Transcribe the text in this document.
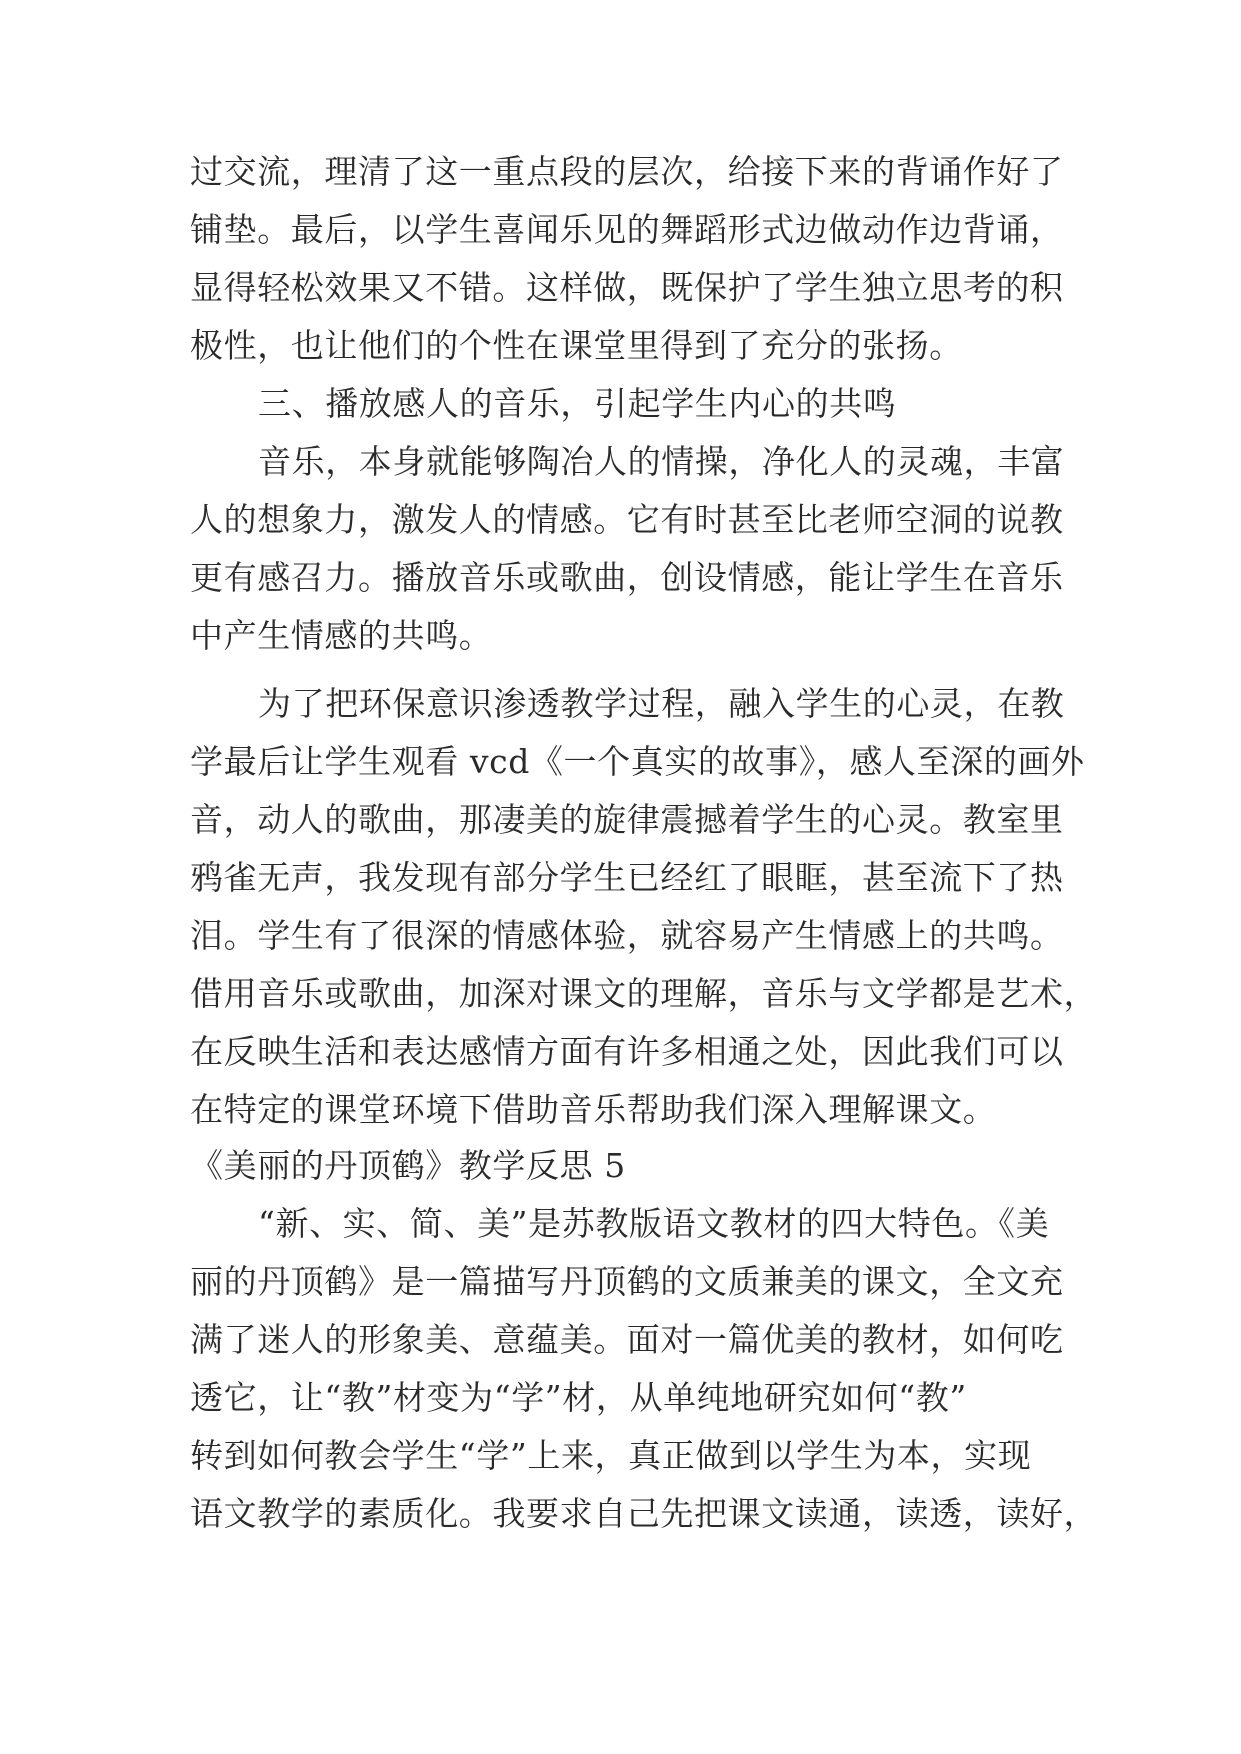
过交流，理清了这一重点段的层次，给接下来的背诵作好了
铺垫。最后，以学生喜闻乐见的舞蹈形式边做动作边背诵，
显得轻松效果又不错。这样做，既保护了学生独立思考的积
极性，也让他们的个性在课堂里得到了充分的张扬。
三、播放感人的音乐，引起学生内心的共鸣
音乐，本身就能够陶冶人的情操，净化人的灵魂，丰富
人的想象力，激发人的情感。它有时甚至比老师空洞的说教
更有感召力。播放音乐或歌曲，创设情感，能让学生在音乐
中产生情感的共鸣。
为了把环保意识渗透教学过程，融入学生的心灵，在教
学最后让学生观看 vcd《一个真实的故事》，感人至深的画外
音，动人的歌曲，那凄美的旋律震撼着学生的心灵。教室里
鸦雀无声，我发现有部分学生已经红了眼眶，甚至流下了热
泪。学生有了很深的情感体验，就容易产生情感上的共鸣。
借用音乐或歌曲，加深对课文的理解，音乐与文学都是艺术，
在反映生活和表达感情方面有许多相通之处，因此我们可以
在特定的课堂环境下借助音乐帮助我们深入理解课文。
《美丽的丹顶鹤》教学反思 5
“新、实、简、美”是苏教版语文教材的四大特色。《美
丽的丹顶鹤》是一篇描写丹顶鹤的文质兼美的课文，全文充
满了迷人的形象美、意蕴美。面对一篇优美的教材，如何吃
透它，让“教”材变为“学”材，从单纯地研究如何“教”
转到如何教会学生“学”上来，真正做到以学生为本，实现
语文教学的素质化。我要求自己先把课文读通，读透，读好，
